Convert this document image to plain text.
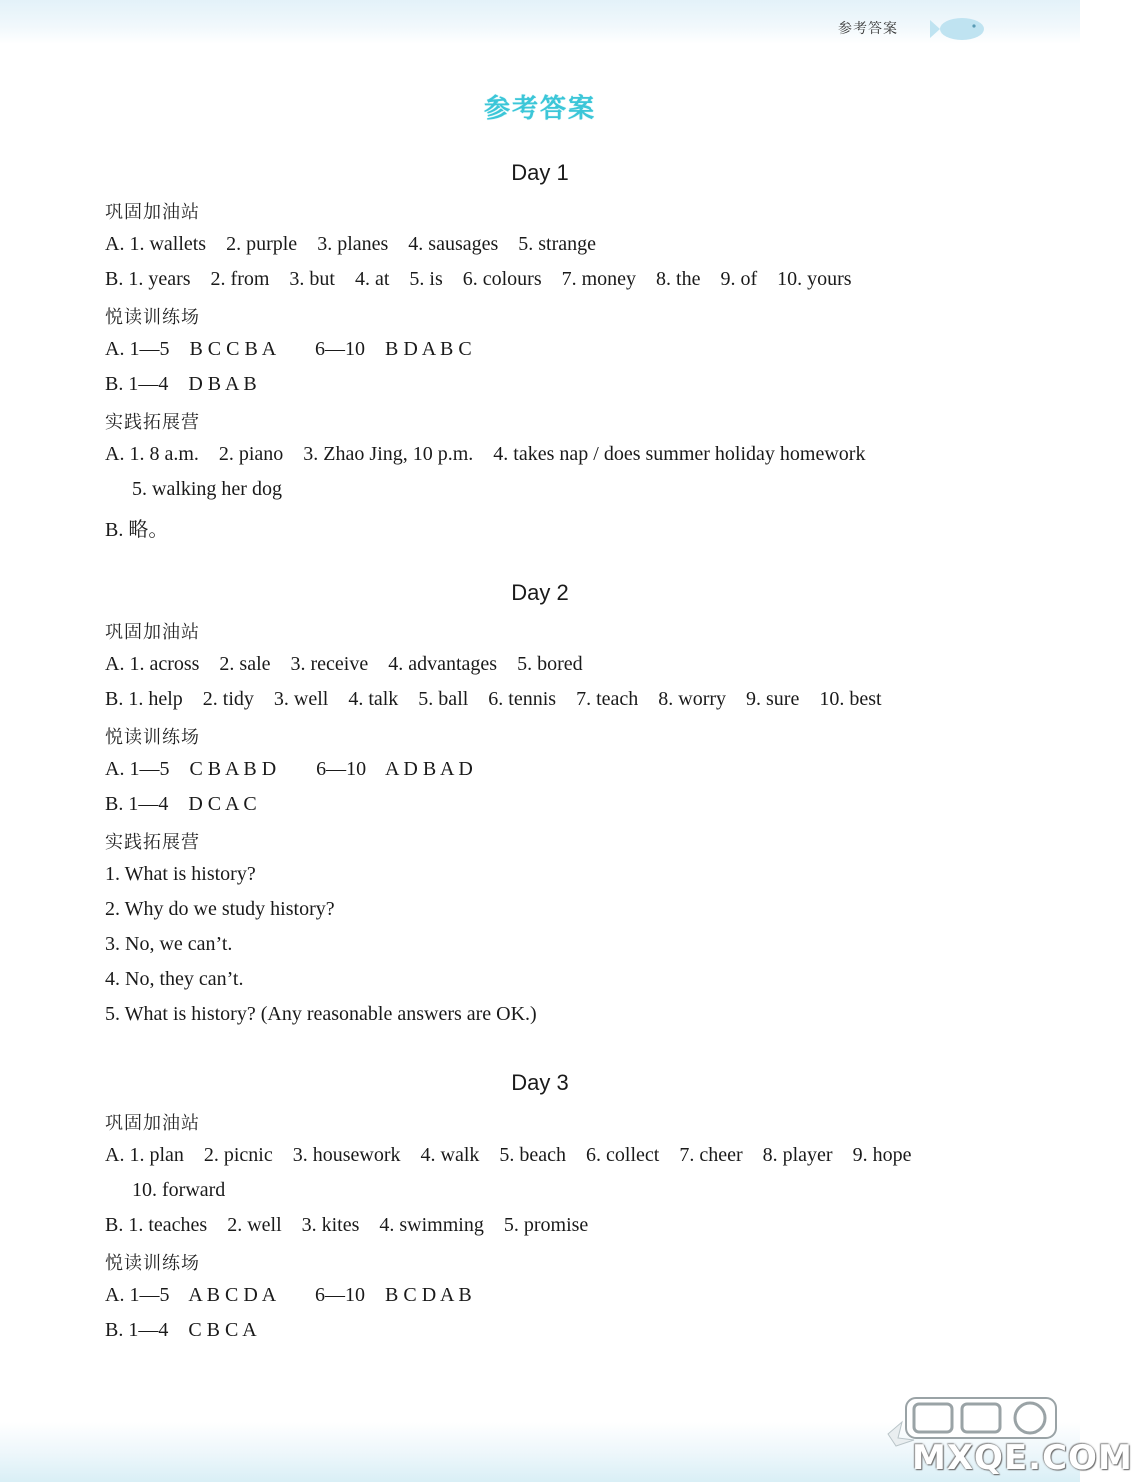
参考答案
参考答案
Day 1
巩固加油站
A. 1. wallets    2. purple    3. planes    4. sausages    5. strange
B. 1. years    2. from    3. but    4. at    5. is    6. colours    7. money    8. the    9. of    10. yours
悦读训练场
A. 1—5    B C C B A        6—10    B D A B C
B. 1—4    D B A B
实践拓展营
A. 1. 8 a.m.    2. piano    3. Zhao Jing, 10 p.m.    4. takes nap / does summer holiday homework
5. walking her dog
B. 略。
Day 2
巩固加油站
A. 1. across    2. sale    3. receive    4. advantages    5. bored
B. 1. help    2. tidy    3. well    4. talk    5. ball    6. tennis    7. teach    8. worry    9. sure    10. best
悦读训练场
A. 1—5    C B A B D        6—10    A D B A D
B. 1—4    D C A C
实践拓展营
1. What is history?
2. Why do we study history?
3. No, we can’t.
4. No, they can’t.
5. What is history? (Any reasonable answers are OK.)
Day 3
巩固加油站
A. 1. plan    2. picnic    3. housework    4. walk    5. beach    6. collect    7. cheer    8. player    9. hope
10. forward
B. 1. teaches    2. well    3. kites    4. swimming    5. promise
悦读训练场
A. 1—5    A B C D A        6—10    B C D A B
B. 1—4    C B C A
MXQE.COM
